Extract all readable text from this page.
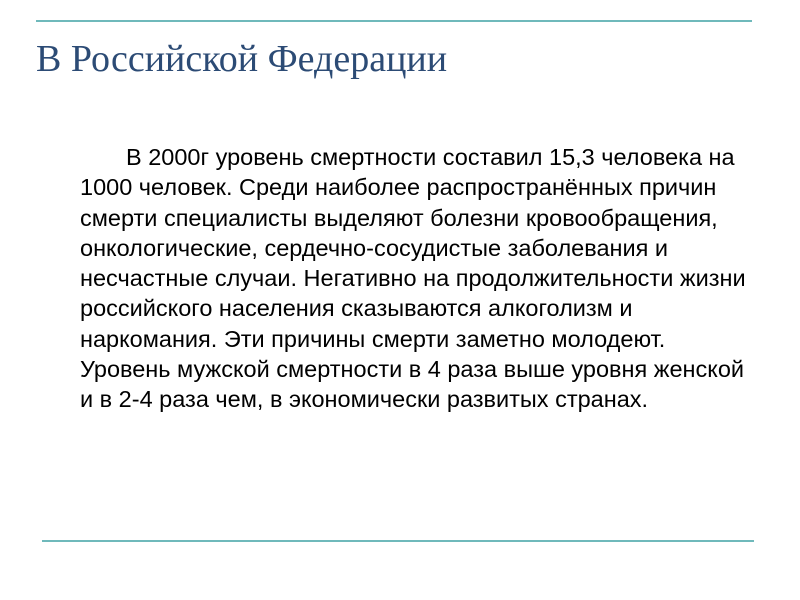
В Российской Федерации

В 2000г уровень смертности составил 15,3 человека на 1000 человек. Среди наиболее распространённых причин смерти специалисты выделяют болезни кровообращения, онкологические, сердечно-сосудистые заболевания и несчастные случаи. Негативно на продолжительности жизни российского населения сказываются алкоголизм и наркомания. Эти причины смерти заметно молодеют. Уровень мужской смертности в 4 раза выше уровня женской и в 2-4 раза чем, в экономически развитых странах.
